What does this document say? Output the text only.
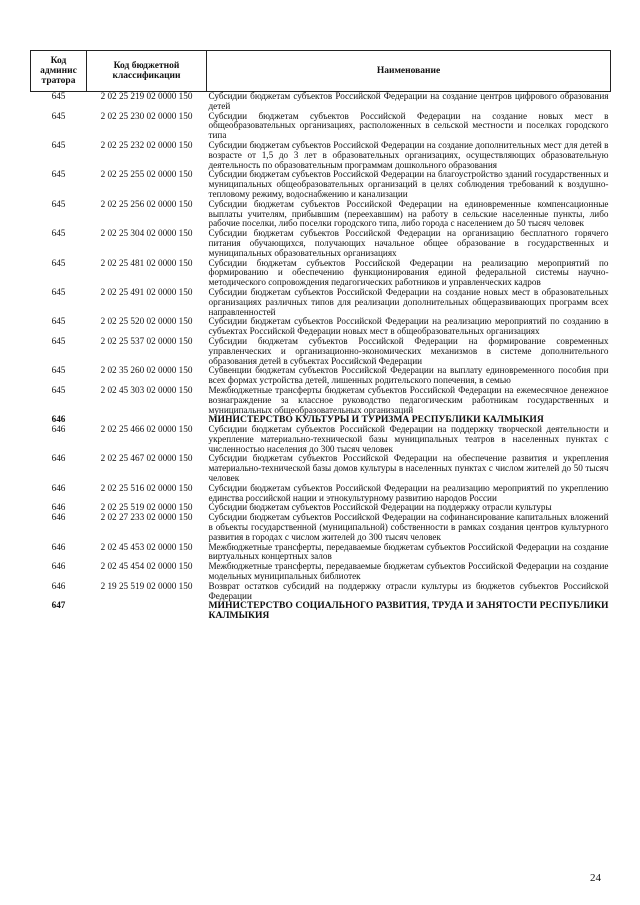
Код админис тратора	Код бюджетной классификации	Наименование
645	2 02 25 219 02 0000 150	Субсидии бюджетам субъектов Российской Федерации на создание центров цифрового образования детей
645	2 02 25 230 02 0000 150	Субсидии бюджетам субъектов Российской Федерации на создание новых мест в общеобразовательных организациях, расположенных в сельской местности и поселках городского типа
645	2 02 25 232 02 0000 150	Субсидии бюджетам субъектов Российской Федерации на создание дополнительных мест для детей в возрасте от 1,5 до 3 лет в образовательных организациях, осуществляющих образовательную деятельность по образовательным программам дошкольного образования
645	2 02 25 255 02 0000 150	Субсидии бюджетам субъектов Российской Федерации на благоустройство зданий государственных и муниципальных общеобразовательных организаций в целях соблюдения требований к воздушно-тепловому режиму, водоснабжению и канализации
645	2 02 25 256 02 0000 150	Субсидии бюджетам субъектов Российской Федерации на единовременные компенсационные выплаты учителям, прибывшим (переехавшим) на работу в сельские населенные пункты, либо рабочие поселки, либо поселки городского типа, либо города с населением до 50 тысяч человек
645	2 02 25 304 02 0000 150	Субсидии бюджетам субъектов Российской Федерации на организацию бесплатного горячего питания обучающихся, получающих начальное общее образование в государственных и муниципальных образовательных организациях
645	2 02 25 481 02 0000 150	Субсидии бюджетам субъектов Российской Федерации на реализацию мероприятий по формированию и обеспечению функционирования единой федеральной системы научно-методического сопровождения педагогических работников и управленческих кадров
645	2 02 25 491 02 0000 150	Субсидии бюджетам субъектов Российской Федерации на создание новых мест в образовательных организациях различных типов для реализации дополнительных общеразвивающих программ всех направленностей
645	2 02 25 520 02 0000 150	Субсидии бюджетам субъектов Российской Федерации на реализацию мероприятий по созданию в субъектах Российской Федерации новых мест в общеобразовательных организациях
645	2 02 25 537 02 0000 150	Субсидии бюджетам субъектов Российской Федерации на формирование современных управленческих и организационно-экономических механизмов в системе дополнительного образования детей в субъектах Российской Федерации
645	2 02 35 260 02 0000 150	Субвенции бюджетам субъектов Российской Федерации на выплату единовременного пособия при всех формах устройства детей, лишенных родительского попечения, в семью
645	2 02 45 303 02 0000 150	Межбюджетные трансферты бюджетам субъектов Российской Федерации на ежемесячное денежное вознаграждение за классное руководство педагогическим работникам государственных и муниципальных общеобразовательных организаций
646		МИНИСТЕРСТВО КУЛЬТУРЫ И ТУРИЗМА РЕСПУБЛИКИ КАЛМЫКИЯ
646	2 02 25 466 02 0000 150	Субсидии бюджетам субъектов Российской Федерации на поддержку творческой деятельности и укрепление материально-технической базы муниципальных театров в населенных пунктах с численностью населения до 300 тысяч человек
646	2 02 25 467 02 0000 150	Субсидии бюджетам субъектов Российской Федерации на обеспечение развития и укрепления материально-технической базы домов культуры в населенных пунктах с числом жителей до 50 тысяч человек
646	2 02 25 516 02 0000 150	Субсидии бюджетам субъектов Российской Федерации на реализацию мероприятий по укреплению единства российской нации и этнокультурному развитию народов России
646	2 02 25 519 02 0000 150	Субсидии бюджетам субъектов Российской Федерации на поддержку отрасли культуры
646	2 02 27 233 02 0000 150	Субсидии бюджетам субъектов Российской Федерации на софинансирование капитальных вложений в объекты государственной (муниципальной) собственности в рамках создания центров культурного развития в городах с числом жителей до 300 тысяч человек
646	2 02 45 453 02 0000 150	Межбюджетные трансферты, передаваемые бюджетам субъектов Российской Федерации на создание виртуальных концертных залов
646	2 02 45 454 02 0000 150	Межбюджетные трансферты, передаваемые бюджетам субъектов Российской Федерации на создание модельных муниципальных библиотек
646	2 19 25 519 02 0000 150	Возврат остатков субсидий на поддержку отрасли культуры из бюджетов субъектов Российской Федерации
647		МИНИСТЕРСТВО СОЦИАЛЬНОГО РАЗВИТИЯ, ТРУДА И ЗАНЯТОСТИ РЕСПУБЛИКИ КАЛМЫКИЯ
24
